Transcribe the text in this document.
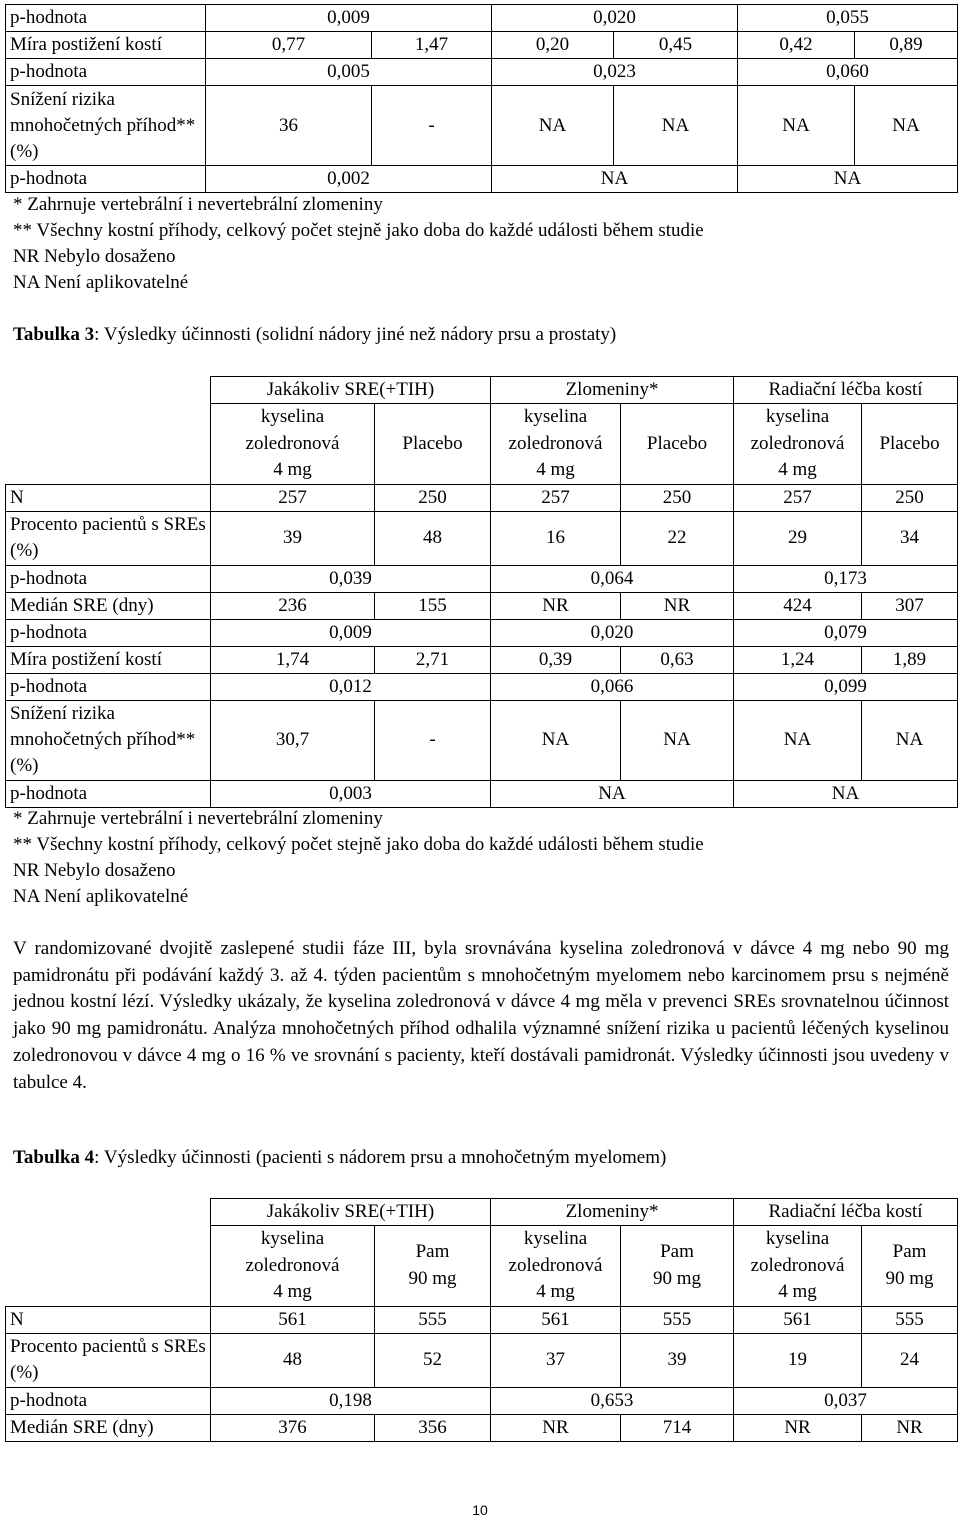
p-hodnota	0,009		0,020		0,055	
Míra postižení kostí	0,77	1,47	0,20	0,45	0,42	0,89
p-hodnota	0,005		0,023		0,060	
Snížení rizika mnohočetných příhod** (%)	36	-	NA	NA	NA	NA
p-hodnota	0,002		NA		NA	
* Zahrnuje vertebrální i nevertebrální zlomeniny
** Všechny kostní příhody, celkový počet stejně jako doba do každé události během studie
NR Nebylo dosaženo
NA Není aplikovatelné
Tabulka 3: Výsledky účinnosti (solidní nádory jiné než nádory prsu a prostaty)
	Jakákoliv SRE(+TIH)		Zlomeniny*		Radiační léčba kostí	
	kyselina
zoledronová
4 mg	Placebo	kyselina
zoledronová
4 mg	Placebo	kyselina
zoledronová
4 mg	Placebo
N	257	250	257	250	257	250
Procento pacientů s SREs (%)	39	48	16	22	29	34
p-hodnota	0,039		0,064		0,173	
Medián SRE (dny)	236	155	NR	NR	424	307
p-hodnota	0,009		0,020		0,079	
Míra postižení kostí	1,74	2,71	0,39	0,63	1,24	1,89
p-hodnota	0,012		0,066		0,099	
Snížení rizika mnohočetných příhod** (%)	30,7	-	NA	NA	NA	NA
p-hodnota	0,003		NA		NA	
* Zahrnuje vertebrální i nevertebrální zlomeniny
** Všechny kostní příhody, celkový počet stejně jako doba do každé události během studie
NR Nebylo dosaženo
NA Není aplikovatelné

V randomizované dvojitě zaslepené studii fáze III, byla srovnávána kyselina zoledronová v dávce 4 mg nebo 90 mg pamidronátu při podávání každý 3. až 4. týden pacientům s mnohočetným myelomem nebo karcinomem prsu s nejméně jednou kostní lézí. Výsledky ukázaly, že kyselina zoledronová v dávce 4 mg měla v prevenci SREs srovnatelnou účinnost jako 90 mg pamidronátu. Analýza mnohočetných příhod odhalila významné snížení rizika u pacientů léčených kyselinou zoledronovou v dávce 4 mg o 16 % ve srovnání s pacienty, kteří dostávali pamidronát. Výsledky účinnosti jsou uvedeny v tabulce 4.

Tabulka 4: Výsledky účinnosti (pacienti s nádorem prsu a mnohočetným myelomem)
	Jakákoliv SRE(+TIH)		Zlomeniny*		Radiační léčba kostí	
	kyselina
zoledronová
4 mg	Pam
90 mg	kyselina
zoledronová
4 mg	Pam
90 mg	kyselina
zoledronová
4 mg	Pam
90 mg
N	561	555	561	555	561	555
Procento pacientů s SREs (%)	48	52	37	39	19	24
p-hodnota	0,198		0,653		0,037	
Medián SRE (dny)	376	356	NR	714	NR	NR
10
